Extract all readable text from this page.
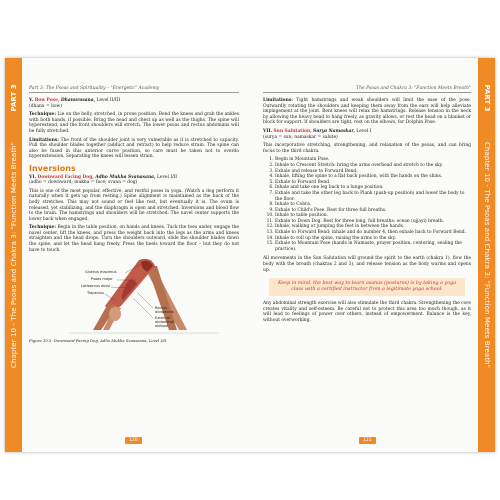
PART 3
Chapter 10 - The Psoas and Chakra 3: "Function Meets Breath"
Part 3: The Psoas and Spirituality – "Energetic" Academy

V. Bow Pose, Dhanurasana, Level II/III

(dhanu = bow)

Technique: Lie on the belly, stretched, in prone position. Bend the knees and grab the ankles with both hands, if possible. Bring the head and chest up as well as the thighs. The spine will hyperextend, and the front shoulders will stretch. The lower psoas and rectus abdominis will be fully stretched.

Limitations: The front of the shoulder joint is very vulnerable as it is stretched to capacity. Pull the shoulder blades together (adduct and retract) to help reduce strain. The spine can also be fused in this anterior curve position, so care must be taken not to overdo hyperextension. Separating the knees will lessen strain.

Inversions

VI. Downward Facing Dog, Adho Mukha Svanasana, Level I/II

(adho = downward; mukha = face; svana = dog)

This is one of the most popular, effective, and restful poses in yoga. (Watch a dog perform it naturally when it gets up from resting.) Spine alignment is maintained as the back of the body stretches. This may not sound or feel like rest, but eventually it is. The ovum is released, yet stabilizing, and the diaphragm is open and stretched. Inversions and blood flow to the brain. The hamstrings and shoulders will be stretched. The navel center supports the lower back when engaged.

Technique: Begin in the table position, on hands and knees. Tuck the toes under, engage the navel center, lift the knees, and press the weight back into the legs as the arms and knees straighten and the head drops. Turn the shoulders outward, slide the shoulder blades down the spine, and let the head hang freely. Press the heels toward the floor – but they do not have to touch.

Gluteus maximus
Psoas major
Latissimus dorsi
Trapezius
Rectus abdominis
External abdominal oblique
Figure 10.5: Downward Facing Dog, Adho Mukha Svanasana, Level I/II
120
PART 3
Chapter 10 - The Psoas and Chakra 3: "Function Meets Breath"
The Psoas and Chakra 3: "Function Meets Breath"

Limitations: Tight hamstrings and weak shoulders will limit the ease of the pose. Outwardly rotating the shoulders and keeping them away from the ears will help alleviate impingement at the joint. Bent knees will relax the hamstrings. Release tension in the neck by allowing the heavy head to hang freely, as gravity allows, or rest the head on a blanket or block for support. If shoulders are tight, rest on the elbows, for Dolphin Pose.

VII. Sun Salutation, Surya Namaskar, Level I

(surya = sun; namaskar = salute)

This incorporative stretching, strengthening, and relaxation of the psoas, and can bring focus to the third chakra.

1. Begin in Mountain Pose.
2. Inhale to Crescent Stretch: bring the arms overhead and stretch to the sky.
3. Exhale and release to Forward Bend.
4. Inhale, lifting the spine to a flat back position, with the hands on the shins.
5. Exhale to Forward Bend.
6. Inhale and take one leg back to a lunge position.
7. Exhale and take the other leg back to Plank (push-up position) and lower the body to the floor.
8. Inhale to Cobra.
9. Exhale to Child's Pose. Rest for three full breaths.
10. Inhale to table position.
11. Exhale to Down Dog. Rest for three long, full breaths: ocean (ujjayi) breath.
12. Inhale, walking or jumping the feet in between the hands.
13. Exhale to Forward Bend; inhale and do number 4, then exhale back to Forward Bend.
14. Inhale to roll up the spine, raising the arms to the sky.
15. Exhale to Mountain Pose (hands in Namaste, prayer position, centering, sealing the practice).

All movements in the Sun Salutation will ground the spirit to the earth (chakra 1), flow the body with the breath (chakras 2 and 3), and release tension as the body warms and opens up.

Keep in mind, the best way to learn asanas (postures) is by taking a yoga class with a certified instructor from a legitimate yoga school.

Any abdominal strength exercise will also stimulate the third chakra. Strengthening the core creates vitality and self-esteem. Be careful not to protect this area too much though, as it will lead to feelings of power over others, instead of empowerment. Balance is the key, without overworking.

121
